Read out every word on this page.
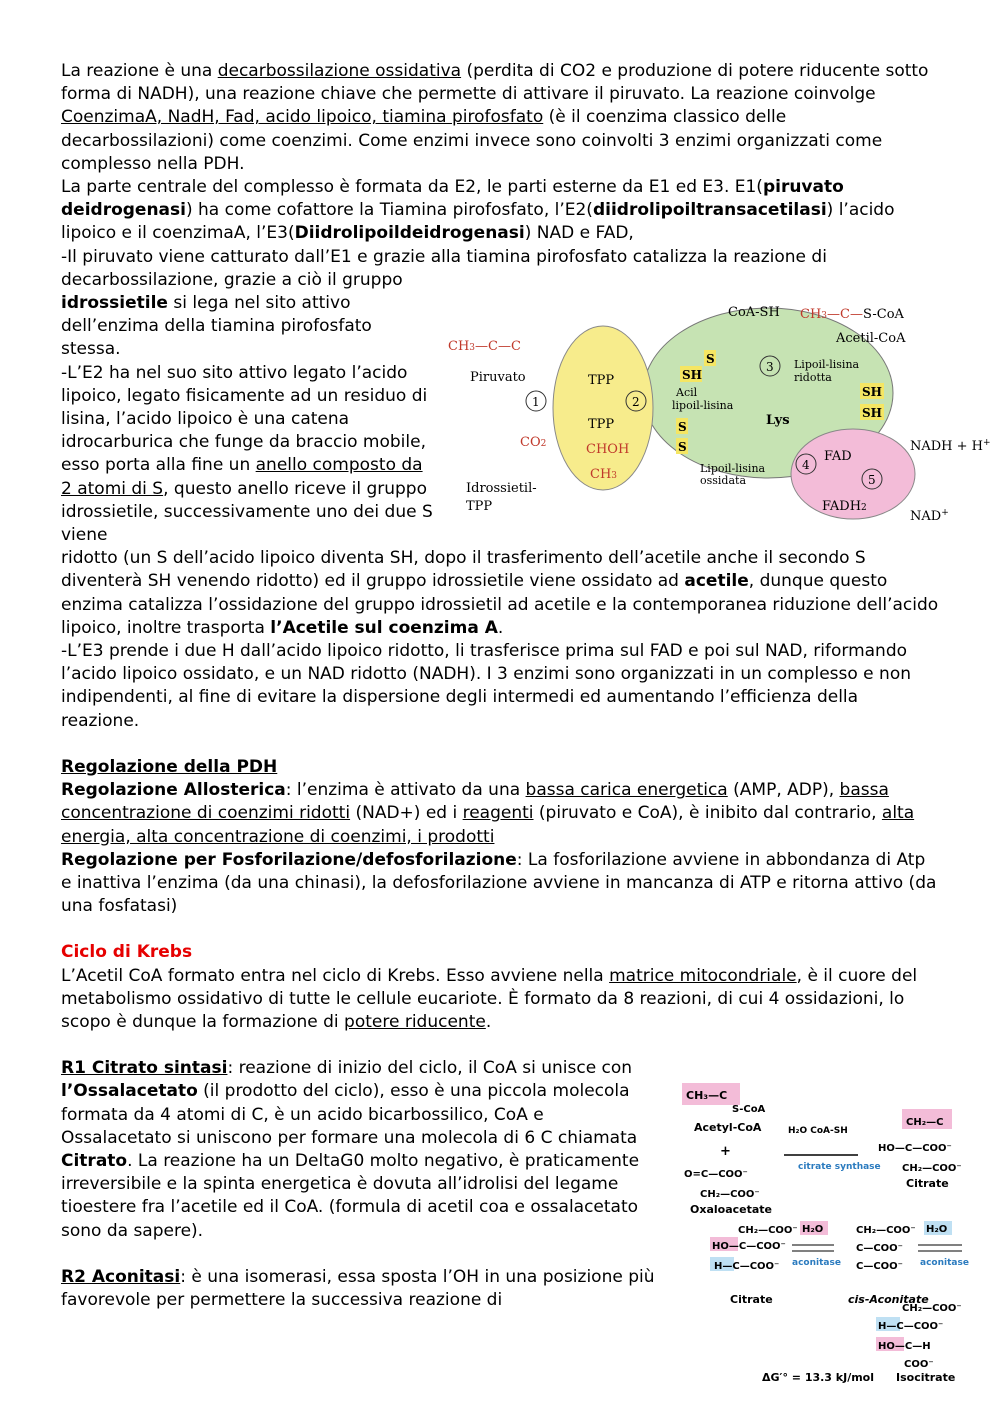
La reazione è una decarbossilazione ossidativa (perdita di CO2 e produzione di potere riducente sotto forma di NADH), una reazione chiave che permette di attivare il piruvato. La reazione coinvolge CoenzimaA, NadH, Fad, acido lipoico, tiamina pirofosfato (è il coenzima classico delle decarbossilazioni) come coenzimi. Come enzimi invece sono coinvolti 3 enzimi organizzati come complesso nella PDH.

La parte centrale del complesso è formata da E2, le parti esterne da E1 ed E3. E1(piruvato deidrogenasi) ha come cofattore la Tiamina pirofosfato, l’E2(diidrolipoiltransacetilasi) l’acido lipoico e il coenzimaA, l’E3(Diidrolipoildeidrogenasi) NAD e FAD,

-Il piruvato viene catturato dall’E1 e grazie alla tiamina pirofosfato catalizza la reazione di decarbossilazione, grazie a ciò il gruppo
idrossietile si lega nel sito attivo dell’enzima della tiamina pirofosfato stessa.
-L’E2 ha nel suo sito attivo legato l’acido lipoico, legato fisicamente ad un residuo di lisina, l’acido lipoico è una catena idrocarburica che funge da braccio mobile, esso porta alla fine un anello composto da 2 atomi di S, questo anello riceve il gruppo idrossietile, successivamente uno dei due S viene

ridotto (un S dell’acido lipoico diventa SH, dopo il trasferimento dell’acetile anche il secondo S diventerà SH venendo ridotto) ed il gruppo idrossietile viene ossidato ad acetile, dunque questo enzima catalizza l’ossidazione del gruppo idrossietil ad acetile e la contemporanea riduzione dell’acido lipoico, inoltre trasporta l’Acetile sul coenzima A.

-L’E3 prende i due H dall’acido lipoico ridotto, li trasferisce prima sul FAD e poi sul NAD, riformando l’acido lipoico ossidato, e un NAD ridotto (NADH). I 3 enzimi sono organizzati in un complesso e non indipendenti, al fine di evitare la dispersione degli intermedi ed aumentando l’efficienza della reazione.

Regolazione della PDH

Regolazione Allosterica: l’enzima è attivato da una bassa carica energetica (AMP, ADP), bassa concentrazione di coenzimi ridotti (NAD+) ed i reagenti (piruvato e CoA), è inibito dal contrario, alta energia, alta concentrazione di coenzimi, i prodotti

Regolazione per Fosforilazione/defosforilazione: La fosforilazione avviene in abbondanza di Atp e inattiva l’enzima (da una chinasi), la defosforilazione avviene in mancanza di ATP e ritorna attivo (da una fosfatasi)

Ciclo di Krebs

L’Acetil CoA formato entra nel ciclo di Krebs. Esso avviene nella matrice mitocondriale, è il cuore del metabolismo ossidativo di tutte le cellule eucariote. È formato da 8 reazioni, di cui 4 ossidazioni, lo scopo è dunque la formazione di potere riducente.

R1 Citrato sintasi: reazione di inizio del ciclo, il CoA si unisce con l’Ossalacetato (il prodotto del ciclo), esso è una piccola molecola formata da 4 atomi di C, è un acido bicarbossilico, CoA e Ossalacetato si uniscono per formare una molecola di 6 C chiamata Citrato. La reazione ha un DeltaG0 molto negativo, è praticamente irreversibile e la spinta energetica è dovuta all’idrolisi del legame tioestere fra l’acetile ed il CoA. (formula di acetil coa e ossalacetato sono da sapere).

R2 Aconitasi: è una isomerasi, essa sposta l’OH in una posizione più favorevole per permettere la successiva reazione di

CH3—C—C
Piruvato
CO2
1	2
3
4
5
TPP
TPP
CHOH
CH3
Idrossietil-
TPP
Acil
lipoil-lisina
SH
S
S
S
Lys
Lipoil-lisina
ossidata
Lipoil-lisina
ridotta
SH
SH
CoA-SH CH3—C—S-CoA
Acetil-CoA
FAD
FADH2
NADH + H+
NAD+
CH₃—C
S-CoA
Acetyl-CoA
+
O=C—COO⁻
CH₂—COO⁻
Oxaloacetate
H₂O CoA-SH
citrate synthase
CH₂—C
HO—C—COO⁻
CH₂—COO⁻
Citrate
CH₂—COO⁻
HO—C—COO⁻
H—C—COO⁻
Citrate
H₂O
aconitase
CH₂—COO⁻
C—COO⁻
C—COO⁻
cis-Aconitate
H₂O
aconitase
CH₂—COO⁻
H—C—COO⁻
HO—C—H
COO⁻
Isocitrate
ΔG′° = 13.3 kJ/mol
